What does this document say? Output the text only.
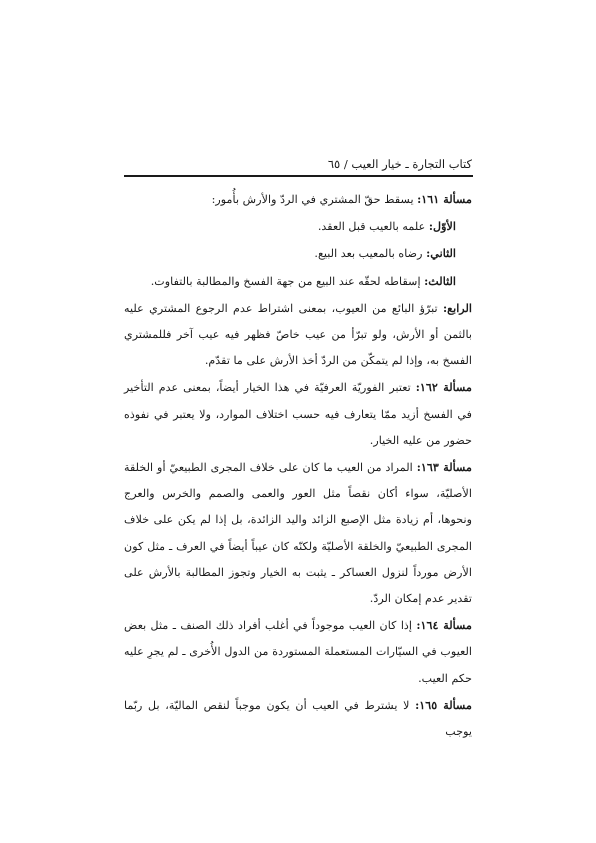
كتاب التجارة ـ خيار العيب / ٦٥

مسألة ١٦١: يسقط حقّ المشتري في الردّ والأرش بأُمور:

الأوّل: علمه بالعيب قبل العقد.

الثاني: رضاه بالمعيب بعد البيع.

الثالث: إسقاطه لحقّه عند البيع من جهة الفسخ والمطالبة بالتفاوت.

الرابع: تبرّؤ البائع من العيوب، بمعنى اشتراط عدم الرجوع المشتري عليه بالثمن أو الأرش، ولو تبرّأ من عيب خاصّ فظهر فيه عيب آخر فللمشتري الفسخ به، وإذا لم يتمكّن من الردّ أخذ الأرش على ما تقدّم.

مسألة ١٦٢: تعتبر الفوريّة العرفيّة في هذا الخيار أيضاً، بمعنى عدم التأخير في الفسخ أزيد ممّا يتعارف فيه حسب اختلاف الموارد، ولا يعتبر في نفوذه حضور من عليه الخيار.

مسألة ١٦٣: المراد من العيب ما كان على خلاف المجرى الطبيعيّ أو الخلقة الأصليّة، سواء أكان نقصاً مثل العور والعمى والصمم والخرس والعرج ونحوها، أم زيادة مثل الإصبع الزائد واليد الزائدة، بل إذا لم يكن على خلاف المجرى الطبيعيّ والخلقة الأصليّة ولكنّه كان عيباً أيضاً في العرف ـ مثل كون الأرض مورداً لنزول العساكر ـ يثبت به الخيار وتجوز المطالبة بالأرش على تقدير عدم إمكان الردّ.

مسألة ١٦٤: إذا كان العيب موجوداً في أغلب أفراد ذلك الصنف ـ مثل بعض العيوب في السيّارات المستعملة المستوردة من الدول الأُخرى ـ لم يجرِ عليه حكم العيب.

مسألة ١٦٥: لا يشترط في العيب أن يكون موجباً لنقص الماليّة، بل ربّما يوجب
